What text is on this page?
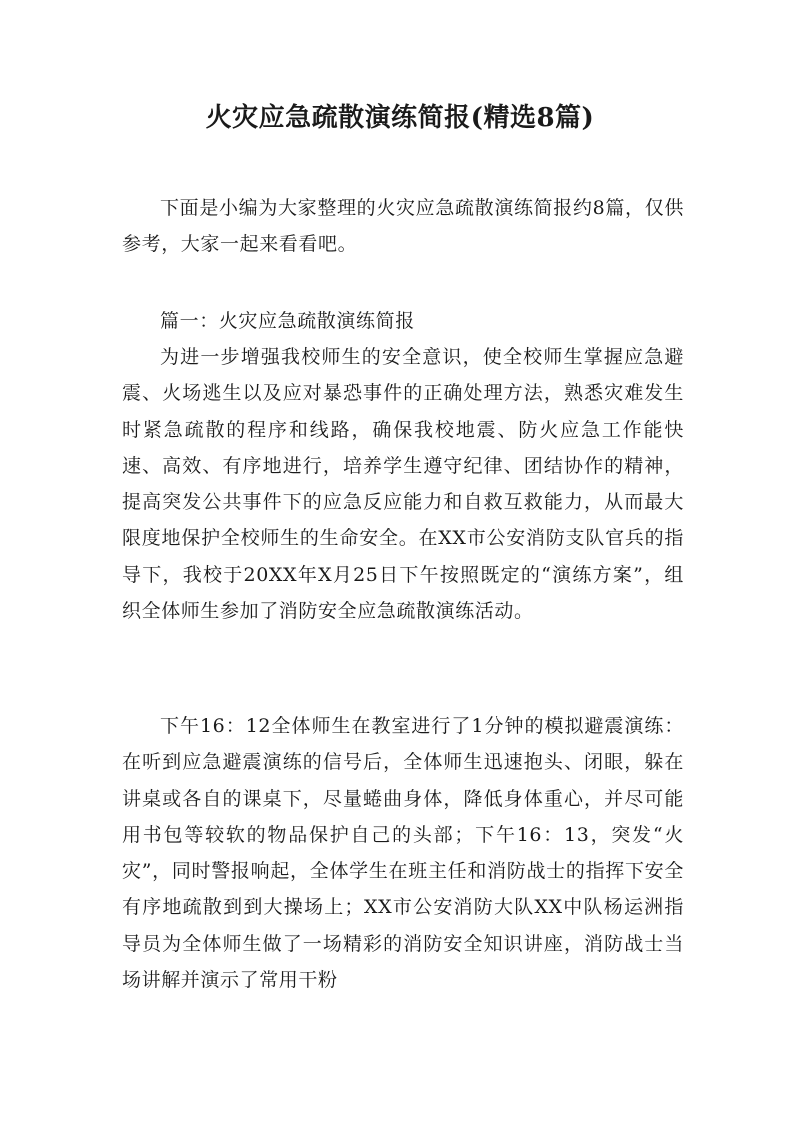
火灾应急疏散演练简报(精选8篇)

下面是小编为大家整理的火灾应急疏散演练简报约8篇，仅供参考，大家一起来看看吧。

篇一：火灾应急疏散演练简报

为进一步增强我校师生的安全意识，使全校师生掌握应急避震、火场逃生以及应对暴恐事件的正确处理方法，熟悉灾难发生时紧急疏散的程序和线路，确保我校地震、防火应急工作能快速、高效、有序地进行，培养学生遵守纪律、团结协作的精神，提高突发公共事件下的应急反应能力和自救互救能力，从而最大限度地保护全校师生的生命安全。在XX市公安消防支队官兵的指导下，我校于20XX年X月25日下午按照既定的“演练方案”，组织全体师生参加了消防安全应急疏散演练活动。

下午16：12全体师生在教室进行了1分钟的模拟避震演练：在听到应急避震演练的信号后，全体师生迅速抱头、闭眼，躲在讲桌或各自的课桌下，尽量蜷曲身体，降低身体重心，并尽可能用书包等较软的物品保护自己的头部；下午16：13，突发“火灾”，同时警报响起，全体学生在班主任和消防战士的指挥下安全有序地疏散到到大操场上；XX市公安消防大队XX中队杨运洲指导员为全体师生做了一场精彩的消防安全知识讲座，消防战士当场讲解并演示了常用干粉
